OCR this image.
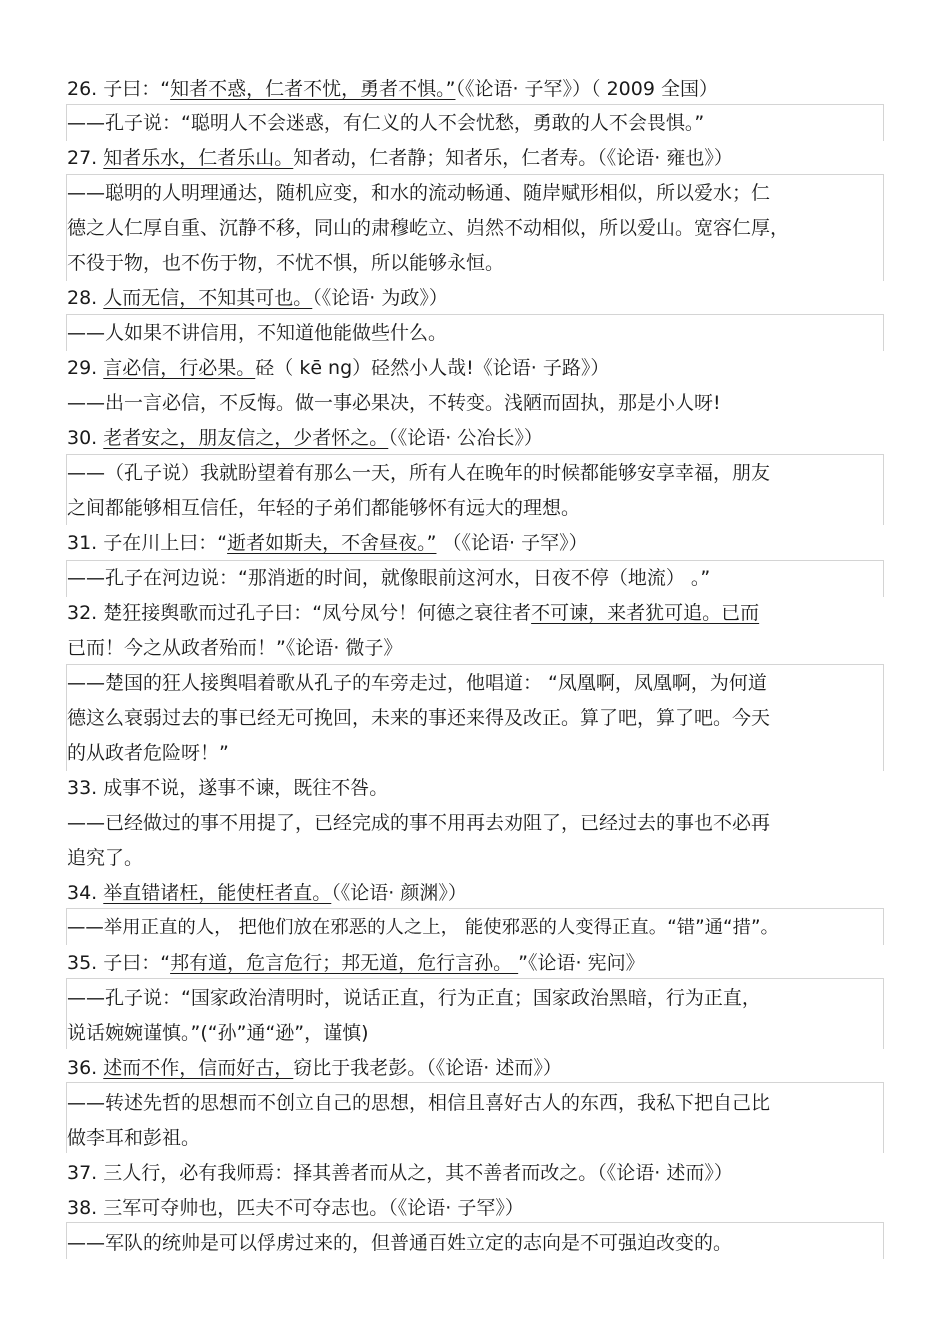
26. 子曰：“知者不惑，仁者不忧，勇者不惧。”（《论语· 子罕》）（ 2009 全国）
——孔子说：“聪明人不会迷惑，有仁义的人不会忧愁，勇敢的人不会畏惧。”
27. 知者乐水，仁者乐山。知者动，仁者静；知者乐，仁者寿。（《论语· 雍也》）
——聪明的人明理通达，随机应变，和水的流动畅通、随岸赋形相似，所以爱水；仁
德之人仁厚自重、沉静不移，同山的肃穆屹立、岿然不动相似，所以爱山。宽容仁厚，
不役于物，也不伤于物，不忧不惧，所以能够永恒。
28. 人而无信，不知其可也。（《论语· 为政》）
——人如果不讲信用，不知道他能做些什么。
29. 言必信，行必果。硁（ kē ng）硁然小人哉!《论语· 子路》）
——出一言必信，不反悔。做一事必果决，不转变。浅陋而固执，那是小人呀!
30. 老者安之，朋友信之，少者怀之。（《论语· 公冶长》）
——（孔子说）我就盼望着有那么一天，所有人在晚年的时候都能够安享幸福，朋友
之间都能够相互信任，年轻的子弟们都能够怀有远大的理想。
31. 子在川上曰：“逝者如斯夫，不舍昼夜。” （《论语· 子罕》）
——孔子在河边说：“那消逝的时间，就像眼前这河水，日夜不停（地流） 。”
32. 楚狂接舆歌而过孔子曰：“凤兮凤兮！何德之衰往者不可谏，来者犹可追。已而
已而！今之从政者殆而！”《论语· 微子》
——楚国的狂人接舆唱着歌从孔子的车旁走过，他唱道： “凤凰啊，凤凰啊，为何道
德这么衰弱过去的事已经无可挽回，未来的事还来得及改正。算了吧，算了吧。今天
的从政者危险呀！”
33. 成事不说，遂事不谏，既往不咎。
——已经做过的事不用提了，已经完成的事不用再去劝阻了，已经过去的事也不必再
追究了。
34. 举直错诸枉，能使枉者直。（《论语· 颜渊》）
——举用正直的人， 把他们放在邪恶的人之上， 能使邪恶的人变得正直。“错”通“措”。
35. 子曰：“邦有道，危言危行；邦无道，危行言孙。 ”《论语· 宪问》
——孔子说：“国家政治清明时，说话正直，行为正直；国家政治黑暗，行为正直，
说话婉婉谨慎。”(“孙”通“逊”，谨慎)
36. 述而不作，信而好古，窃比于我老彭。（《论语· 述而》）
——转述先哲的思想而不创立自己的思想，相信且喜好古人的东西，我私下把自己比
做李耳和彭祖。
37. 三人行，必有我师焉：择其善者而从之，其不善者而改之。（《论语· 述而》）
38. 三军可夺帅也，匹夫不可夺志也。（《论语· 子罕》）
——军队的统帅是可以俘虏过来的，但普通百姓立定的志向是不可强迫改变的。
